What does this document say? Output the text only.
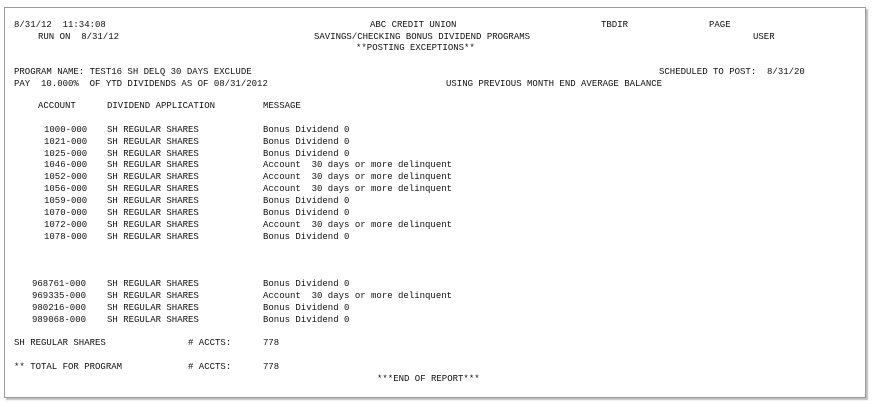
8/31/12  11:34:08
RUN ON  8/31/12
ABC CREDIT UNION
SAVINGS/CHECKING BONUS DIVIDEND PROGRAMS
**POSTING EXCEPTIONS**
TBDIR	PAGE
USER
PROGRAM NAME: TEST16 SH DELQ 30 DAYS EXCLUDE	SCHEDULED TO POST:  8/31/20
PAY  10.000%  OF YTD DIVIDENDS AS OF 08/31/2012	USING PREVIOUS MONTH END AVERAGE BALANCE
ACCOUNT	DIVIDEND APPLICATION	MESSAGE
1000-000 SH REGULAR SHARES	Bonus Dividend 0
1021-000 SH REGULAR SHARES	Bonus Dividend 0
1025-000 SH REGULAR SHARES	Bonus Dividend 0
1046-000 SH REGULAR SHARES	Account  30 days or more delinquent
1052-000 SH REGULAR SHARES	Account  30 days or more delinquent
1056-000 SH REGULAR SHARES	Account  30 days or more delinquent
1059-000 SH REGULAR SHARES	Bonus Dividend 0
1070-000 SH REGULAR SHARES	Bonus Dividend 0
1072-000 SH REGULAR SHARES	Account  30 days or more delinquent
1078-000 SH REGULAR SHARES	Bonus Dividend 0
968761-000 SH REGULAR SHARES	Bonus Dividend 0
969335-000 SH REGULAR SHARES	Account  30 days or more delinquent
980216-000 SH REGULAR SHARES	Bonus Dividend 0
989068-000 SH REGULAR SHARES	Bonus Dividend 0
SH REGULAR SHARES	# ACCTS:	778
** TOTAL FOR PROGRAM	# ACCTS:	778
***END OF REPORT***
